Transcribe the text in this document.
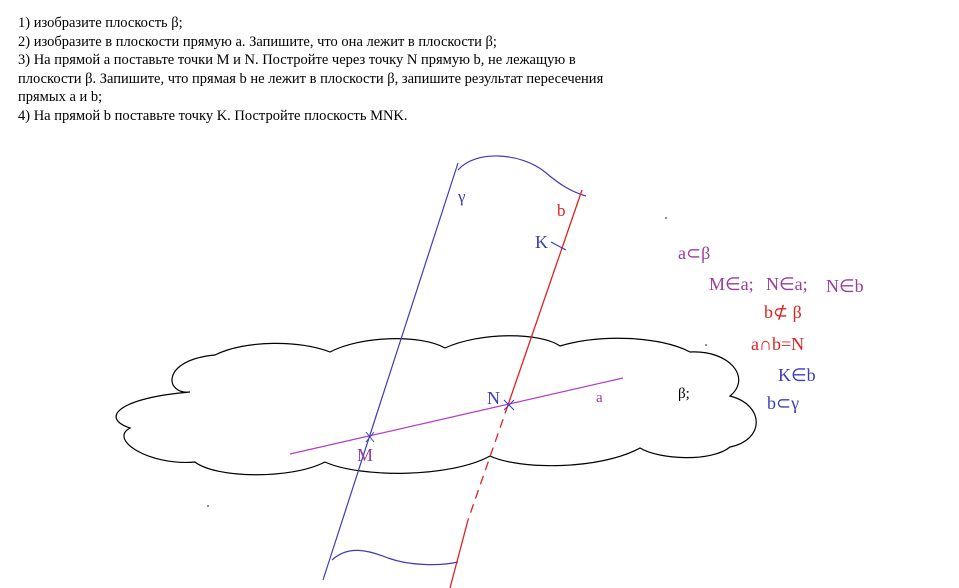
1) изобразите плоскость β;
2) изобразите в плоскости прямую a. Запишите, что она лежит в плоскости β;
3) На прямой a поставьте точки M и N. Постройте через точку N прямую b, не лежащую в
плоскости β. Запишите, что прямая b не лежит в плоскости β, запишите результат пересечения
прямых a и b;
4) На прямой b поставьте точку K. Постройте плоскость MNK.
γ
b
K
N	a	β;
M
a⊂β
M∈a; N∈a; N∈b
b⊄ β
a∩b=N
K∈b
b⊂γ
